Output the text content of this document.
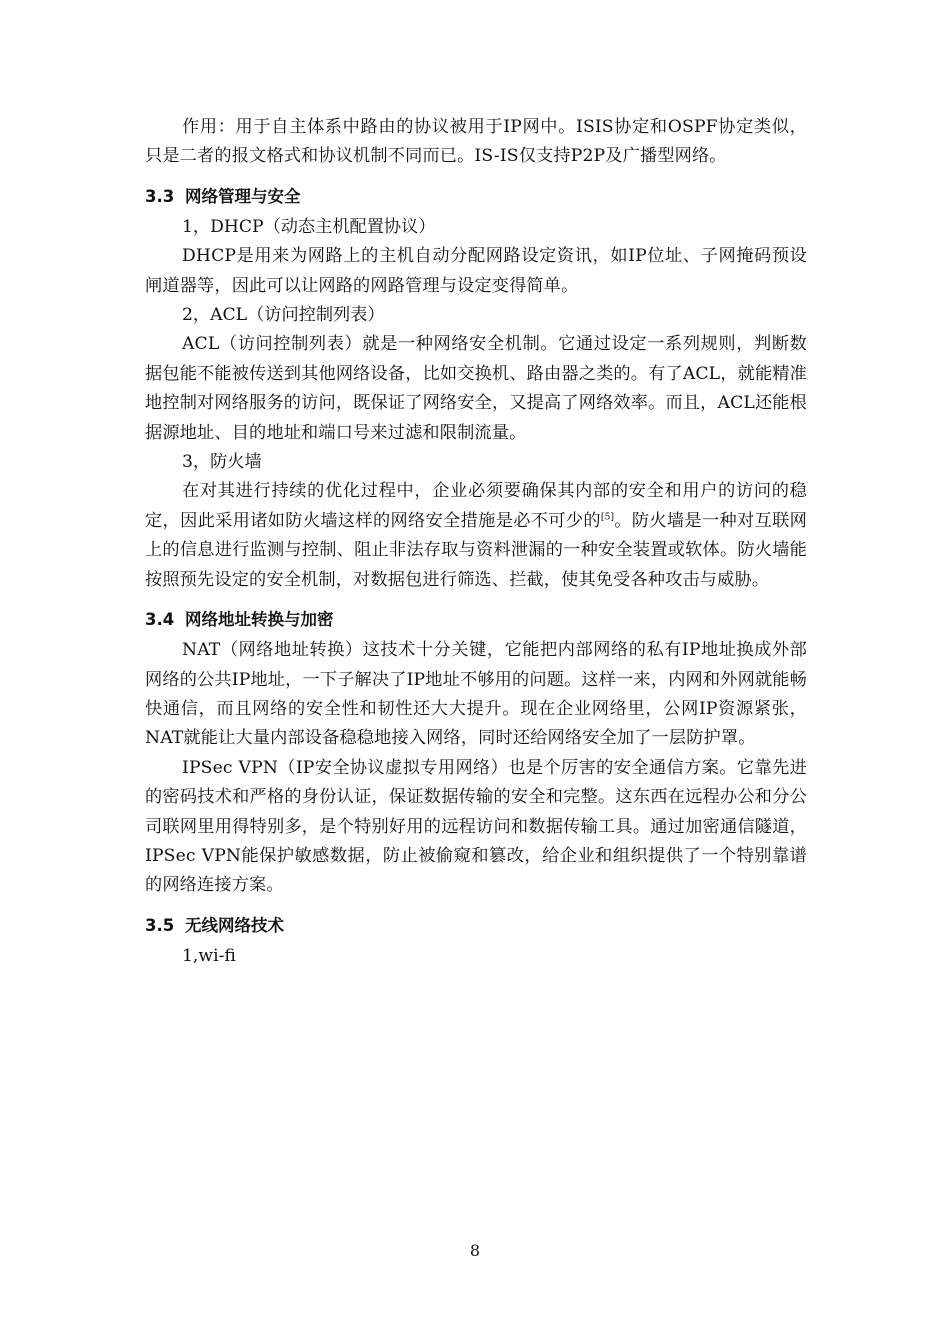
作用：用于自主体系中路由的协议被用于IP网中。ISIS协定和OSPF协定类似，只是二者的报文格式和协议机制不同而已。IS-IS仅支持P2P及广播型网络。

3.3 网络管理与安全

1，DHCP（动态主机配置协议）

DHCP是用来为网路上的主机自动分配网路设定资讯，如IP位址、子网掩码预设闸道器等，因此可以让网路的网路管理与设定变得简单。

2，ACL（访问控制列表）

ACL（访问控制列表）就是一种网络安全机制。它通过设定一系列规则，判断数据包能不能被传送到其他网络设备，比如交换机、路由器之类的。有了ACL，就能精准地控制对网络服务的访问，既保证了网络安全，又提高了网络效率。而且，ACL还能根据源地址、目的地址和端口号来过滤和限制流量。

3，防火墙

在对其进行持续的优化过程中，企业必须要确保其内部的安全和用户的访问的稳定，因此采用诸如防火墙这样的网络安全措施是必不可少的[5]。防火墙是一种对互联网上的信息进行监测与控制、阻止非法存取与资料泄漏的一种安全装置或软体。防火墙能按照预先设定的安全机制，对数据包进行筛选、拦截，使其免受各种攻击与威胁。

3.4 网络地址转换与加密

NAT（网络地址转换）这技术十分关键，它能把内部网络的私有IP地址换成外部网络的公共IP地址，一下子解决了IP地址不够用的问题。这样一来，内网和外网就能畅快通信，而且网络的安全性和韧性还大大提升。现在企业网络里，公网IP资源紧张，NAT就能让大量内部设备稳稳地接入网络，同时还给网络安全加了一层防护罩。

IPSec VPN（IP安全协议虚拟专用网络）也是个厉害的安全通信方案。它靠先进的密码技术和严格的身份认证，保证数据传输的安全和完整。这东西在远程办公和分公司联网里用得特别多，是个特别好用的远程访问和数据传输工具。通过加密通信隧道，IPSec VPN能保护敏感数据，防止被偷窥和篡改，给企业和组织提供了一个特别靠谱的网络连接方案。

3.5 无线网络技术

1,wi-fi

8
